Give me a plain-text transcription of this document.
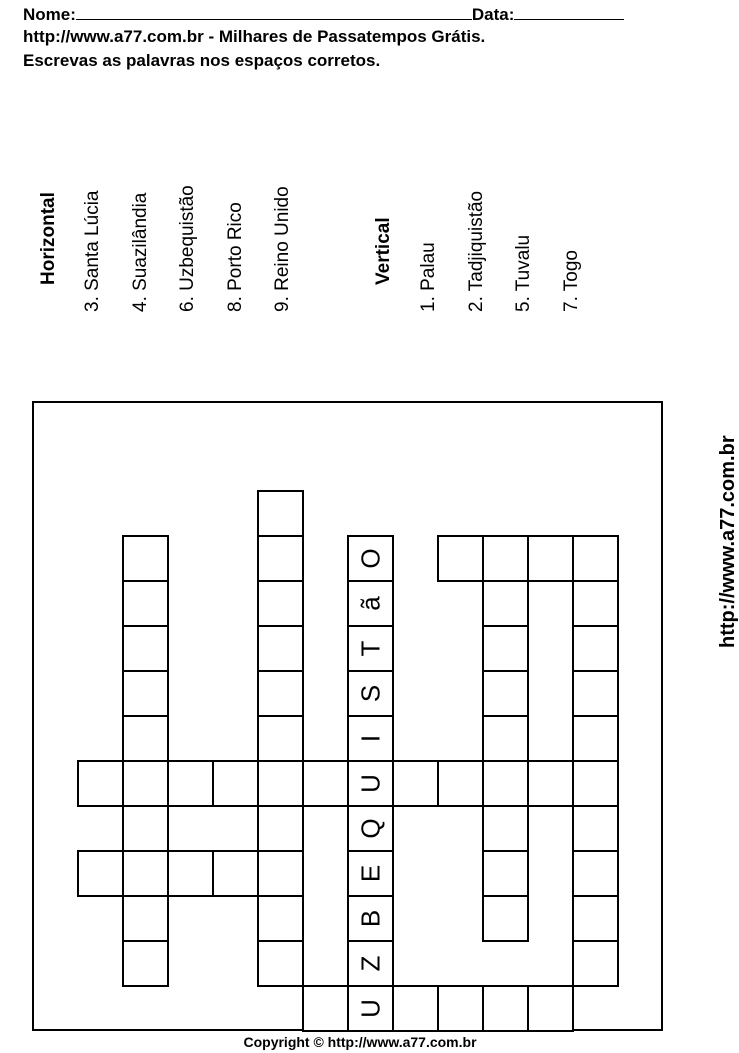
Nome:	Data:

http://www.a77.com.br - Milhares de Passatempos Grátis.

Escrevas as palavras nos espaços corretos.

Horizontal 3. Santa Lúcia 4. Suazilândia 6. Uzbequistão 8. Porto Rico 9. Reino Unido	Vertical 1. Palau 2. Tadjiquistão 5. Tuvalu 7. Togo
O
ã
T
S
I
U
Q
E
B
Z
U
http://www.a77.com.br
Copyright © http://www.a77.com.br
